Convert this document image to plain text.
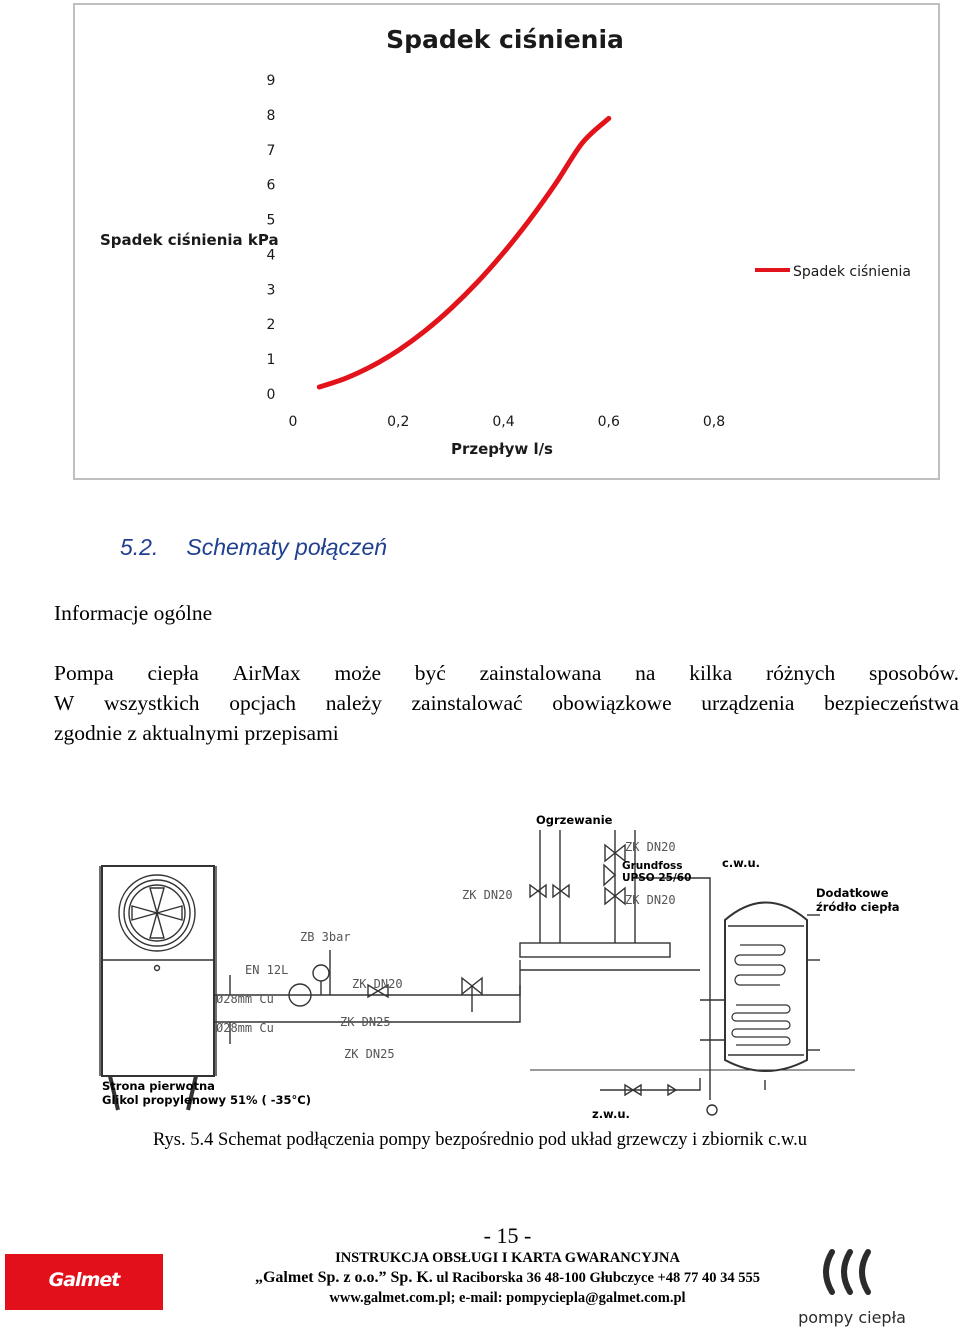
Spadek ciśnienia
Spadek ciśnienia kPa
Przepływ l/s
0
1
2
3
4
5
6
7
8
9
0	0,2	0,4	0,6	0,8
Spadek ciśnienia
5.2. Schematy połączeń
Informacje ogólne
Pompa ciepła AirMax może być zainstalowana na kilka różnych sposobów.
W wszystkich opcjach należy zainstalować obowiązkowe urządzenia bezpieczeństwa
zgodnie z aktualnymi przepisami
Ogrzewanie
ZK DN20
Grundfoss
UPSO 25/60
ZK DN20
ZK DN20
c.w.u.
Dodatkowe
źródło ciepła
ZB 3bar
EN 12L
Ø28mm Cu
Ø28mm Cu
ZK DN20
ZK DN25
ZK DN25
Strona pierwotna
Glikol propylenowy 51% ( -35°C)
z.w.u.
Rys. 5.4 Schemat podłączenia pompy bezpośrednio pod układ grzewczy i zbiornik c.w.u
- 15 -
INSTRUKCJA OBSŁUGI I KARTA GWARANCYJNA
„Galmet Sp. z o.o.” Sp. K. ul Raciborska 36 48-100 Głubczyce +48 77 40 34 555
www.galmet.com.pl; e-mail: pompyciepla@galmet.com.pl
Galmet
pompy ciepła
